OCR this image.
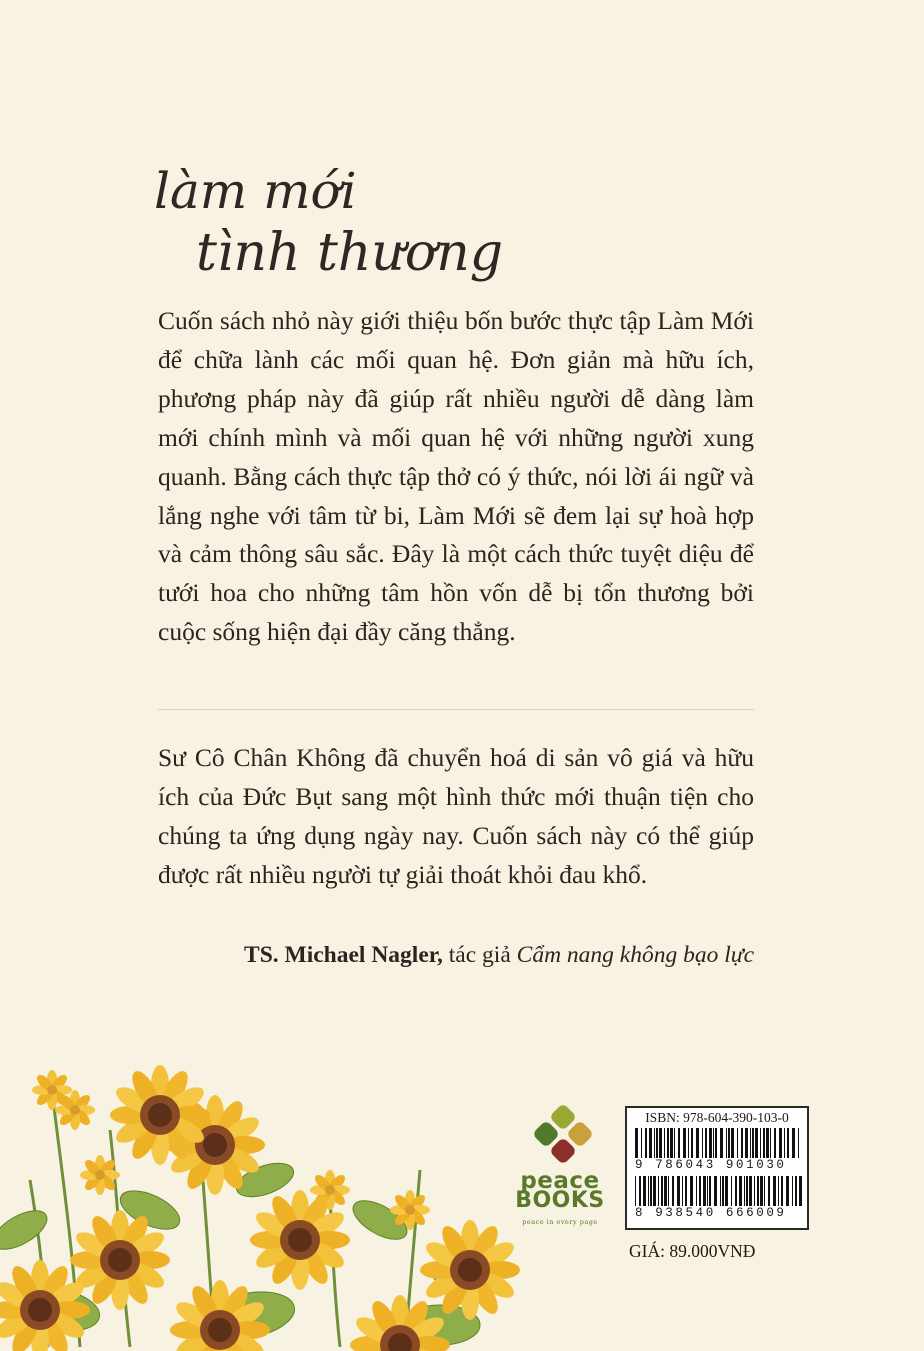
làm mới
tình thương

Cuốn sách nhỏ này giới thiệu bốn bước thực tập Làm Mới để chữa lành các mối quan hệ. Đơn giản mà hữu ích, phương pháp này đã giúp rất nhiều người dễ dàng làm mới chính mình và mối quan hệ với những người xung quanh. Bằng cách thực tập thở có ý thức, nói lời ái ngữ và lắng nghe với tâm từ bi, Làm Mới sẽ đem lại sự hoà hợp và cảm thông sâu sắc. Đây là một cách thức tuyệt diệu để tưới hoa cho những tâm hồn vốn dễ bị tổn thương bởi cuộc sống hiện đại đầy căng thẳng.

Sư Cô Chân Không đã chuyển hoá di sản vô giá và hữu ích của Đức Bụt sang một hình thức mới thuận tiện cho chúng ta ứng dụng ngày nay. Cuốn sách này có thể giúp được rất nhiều người tự giải thoát khỏi đau khổ.

TS. Michael Nagler, tác giả Cẩm nang không bạo lực
peace
BOOKS
peace in every page
ISBN: 978-604-390-103-0
9 786043 901030
8 938540 666009
GIÁ: 89.000VNĐ
